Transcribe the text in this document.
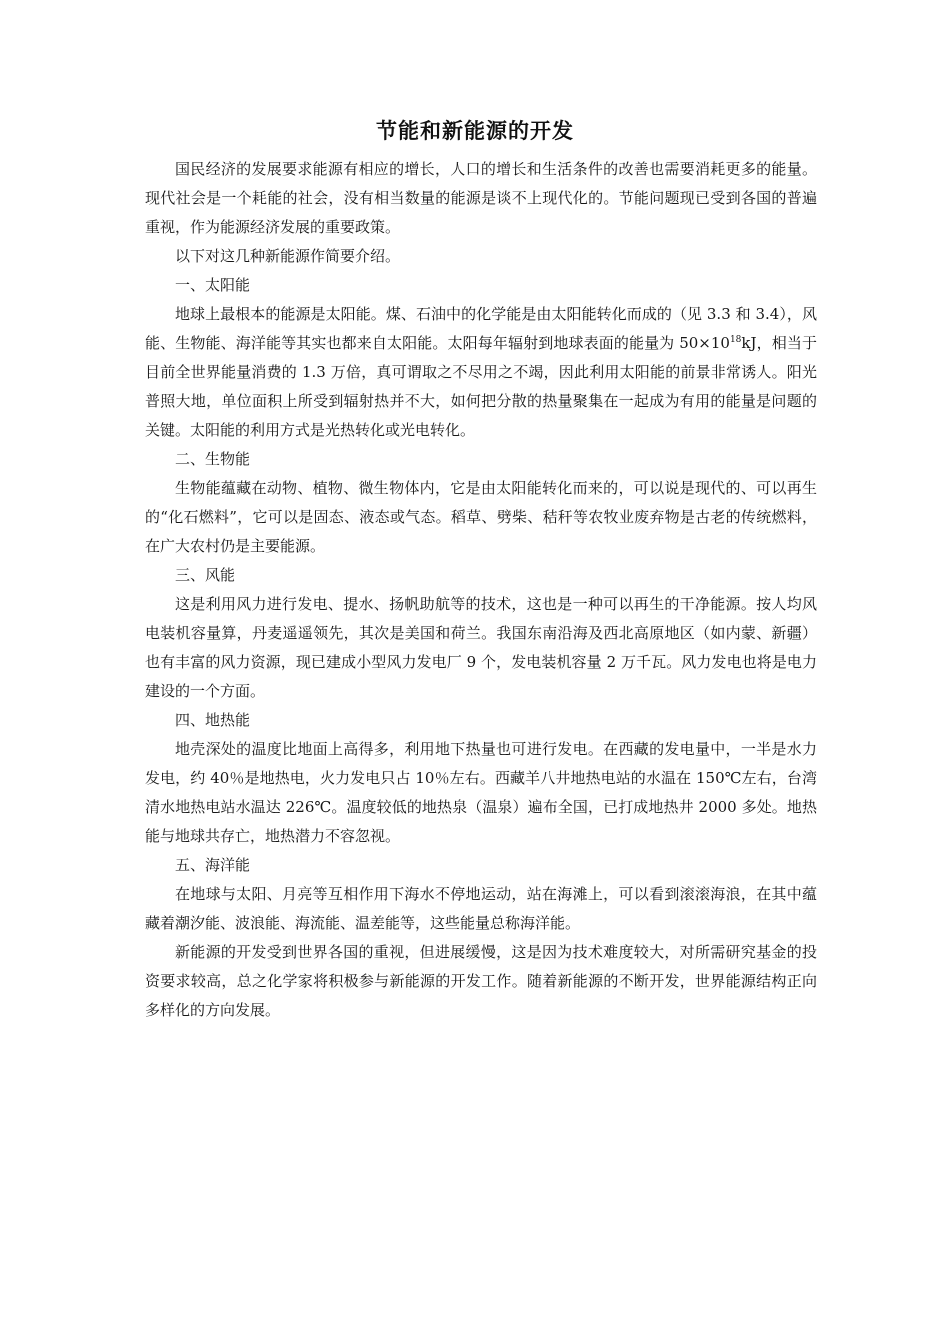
节能和新能源的开发

国民经济的发展要求能源有相应的增长，人口的增长和生活条件的改善也需要消耗更多的能量。现代社会是一个耗能的社会，没有相当数量的能源是谈不上现代化的。节能问题现已受到各国的普遍重视，作为能源经济发展的重要政策。

以下对这几种新能源作简要介绍。

一、太阳能

地球上最根本的能源是太阳能。煤、石油中的化学能是由太阳能转化而成的（见 3.3 和 3.4），风能、生物能、海洋能等其实也都来自太阳能。太阳每年辐射到地球表面的能量为 $50\times 10^{18}kJ$，相当于目前全世界能量消费的 1.3 万倍，真可谓取之不尽用之不竭，因此利用太阳能的前景非常诱人。阳光普照大地，单位面积上所受到辐射热并不大，如何把分散的热量聚集在一起成为有用的能量是问题的关键。太阳能的利用方式是光热转化或光电转化。

二、生物能

生物能蕴藏在动物、植物、微生物体内，它是由太阳能转化而来的，可以说是现代的、可以再生的“化石燃料”，它可以是固态、液态或气态。稻草、劈柴、秸秆等农牧业废弃物是古老的传统燃料，在广大农村仍是主要能源。

三、风能

这是利用风力进行发电、提水、扬帆助航等的技术，这也是一种可以再生的干净能源。按人均风电装机容量算，丹麦遥遥领先，其次是美国和荷兰。我国东南沿海及西北高原地区（如内蒙、新疆）也有丰富的风力资源，现已建成小型风力发电厂 9 个，发电装机容量 2 万千瓦。风力发电也将是电力建设的一个方面。

四、地热能

地壳深处的温度比地面上高得多，利用地下热量也可进行发电。在西藏的发电量中，一半是水力发电，约 40％是地热电，火力发电只占 10％左右。西藏羊八井地热电站的水温在 150℃左右，台湾清水地热电站水温达 226℃。温度较低的地热泉（温泉）遍布全国，已打成地热井 2000 多处。地热能与地球共存亡，地热潜力不容忽视。

五、海洋能

在地球与太阳、月亮等互相作用下海水不停地运动，站在海滩上，可以看到滚滚海浪，在其中蕴藏着潮汐能、波浪能、海流能、温差能等，这些能量总称海洋能。

新能源的开发受到世界各国的重视，但进展缓慢，这是因为技术难度较大，对所需研究基金的投资要求较高，总之化学家将积极参与新能源的开发工作。随着新能源的不断开发，世界能源结构正向多样化的方向发展。
